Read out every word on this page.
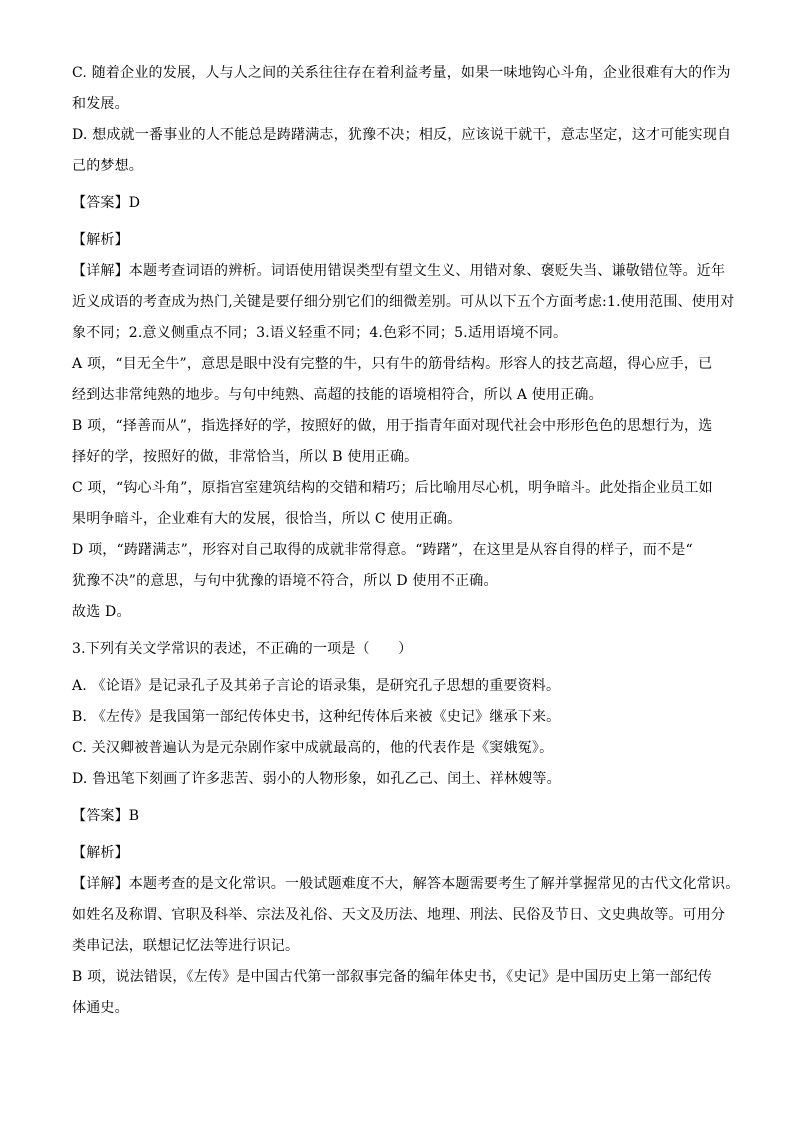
C. 随着企业的发展，人与人之间的关系往往存在着利益考量，如果一味地钩心斗角，企业很难有大的作为

和发展。

D. 想成就一番事业的人不能总是踌躇满志，犹豫不决；相反，应该说干就干，意志坚定，这才可能实现自

己的梦想。

【答案】D

【解析】

【详解】本题考查词语的辨析。词语使用错误类型有望文生义、用错对象、褒贬失当、谦敬错位等。近年

近义成语的考查成为热门,关键是要仔细分别它们的细微差别。可从以下五个方面考虑:1.使用范围、使用对

象不同；2.意义侧重点不同；3.语义轻重不同；4.色彩不同；5.适用语境不同。

A 项，“目无全牛”，意思是眼中没有完整的牛，只有牛的筋骨结构。形容人的技艺高超，得心应手，已

经到达非常纯熟的地步。与句中纯熟、高超的技能的语境相符合，所以 A 使用正确。

B 项，“择善而从”，指选择好的学，按照好的做，用于指青年面对现代社会中形形色色的思想行为，选

择好的学，按照好的做，非常恰当，所以 B 使用正确。

C 项，“钩心斗角”，原指宫室建筑结构的交错和精巧；后比喻用尽心机，明争暗斗。此处指企业员工如

果明争暗斗，企业难有大的发展，很恰当，所以 C 使用正确。

D 项，“踌躇满志”，形容对自己取得的成就非常得意。“踌躇”，在这里是从容自得的样子，而不是“

犹豫不决”的意思，与句中犹豫的语境不符合，所以 D 使用不正确。

故选 D。

3.下列有关文学常识的表述，不正确的一项是（　　）

A. 《论语》是记录孔子及其弟子言论的语录集，是研究孔子思想的重要资料。

B. 《左传》是我国第一部纪传体史书，这种纪传体后来被《史记》继承下来。

C. 关汉卿被普遍认为是元杂剧作家中成就最高的，他的代表作是《窦娥冤》。

D. 鲁迅笔下刻画了许多悲苦、弱小的人物形象，如孔乙己、闰土、祥林嫂等。

【答案】B

【解析】

【详解】本题考查的是文化常识。一般试题难度不大，解答本题需要考生了解并掌握常见的古代文化常识。

如姓名及称谓、官职及科举、宗法及礼俗、天文及历法、地理、刑法、民俗及节日、文史典故等。可用分

类串记法，联想记忆法等进行识记。

B 项，说法错误，《左传》是中国古代第一部叙事完备的编年体史书，《史记》是中国历史上第一部纪传

体通史。
